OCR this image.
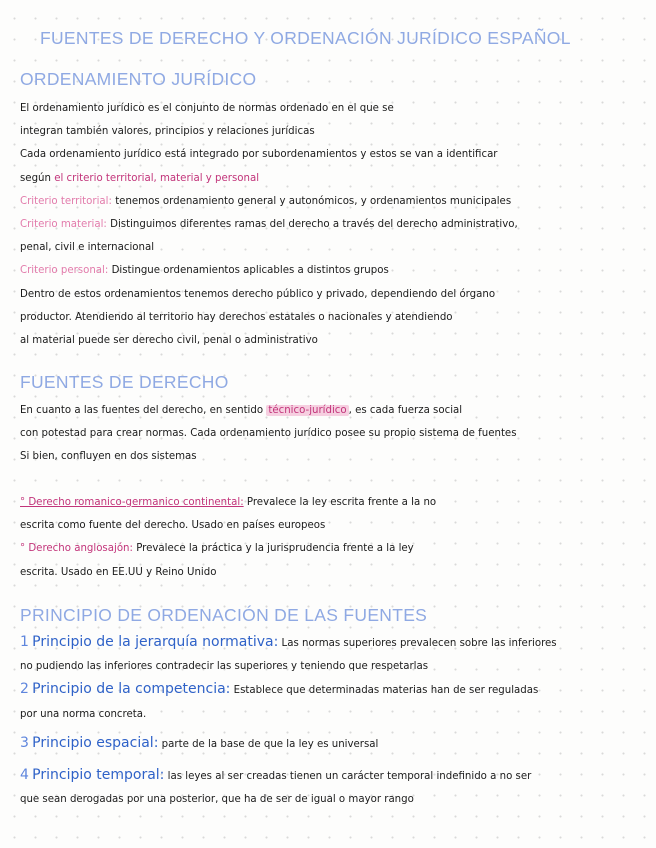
FUENTES DE DERECHO Y ORDENACIÓN JURÍDICO ESPAÑOL
ORDENAMIENTO JURÍDICO
El ordenamiento jurídico es el conjunto de normas ordenado en el que se
integran también valores, principios y relaciones jurídicas
Cada ordenamiento jurídico está integrado por subordenamientos y estos se van a identificar
según el criterio territorial, material y personal
Criterio territorial: tenemos ordenamiento general y autonómicos, y ordenamientos municipales
Criterio material: Distinguimos diferentes ramas del derecho a través del derecho administrativo,
penal, civil e internacional
Criterio personal: Distingue ordenamientos aplicables a distintos grupos
Dentro de estos ordenamientos tenemos derecho público y privado, dependiendo del órgano
productor. Atendiendo al territorio hay derechos estatales o nacionales y atendiendo
al material puede ser derecho civil, penal o administrativo
FUENTES DE DERECHO
En cuanto a las fuentes del derecho, en sentido técnico-jurídico , es cada fuerza social
con potestad para crear normas. Cada ordenamiento jurídico posee su propio sistema de fuentes
Si bien, confluyen en dos sistemas
° Derecho romanico-germanico continental: Prevalece la ley escrita frente a la no
escrita como fuente del derecho. Usado en países europeos
° Derecho anglosajón: Prevalece la práctica y la jurisprudencia frente a la ley
escrita. Usado en EE.UU y Reino Unido
PRINCIPIO DE ORDENACIÓN DE LAS FUENTES
1 Principio de la jerarquía normativa: Las normas superiores prevalecen sobre las inferiores
no pudiendo las inferiores contradecir las superiores y teniendo que respetarlas
2 Principio de la competencia: Establece que determinadas materias han de ser reguladas
por una norma concreta.
3 Principio espacial: parte de la base de que la ley es universal
4 Principio temporal: las leyes al ser creadas tienen un carácter temporal indefinido a no ser
que sean derogadas por una posterior, que ha de ser de igual o mayor rango
